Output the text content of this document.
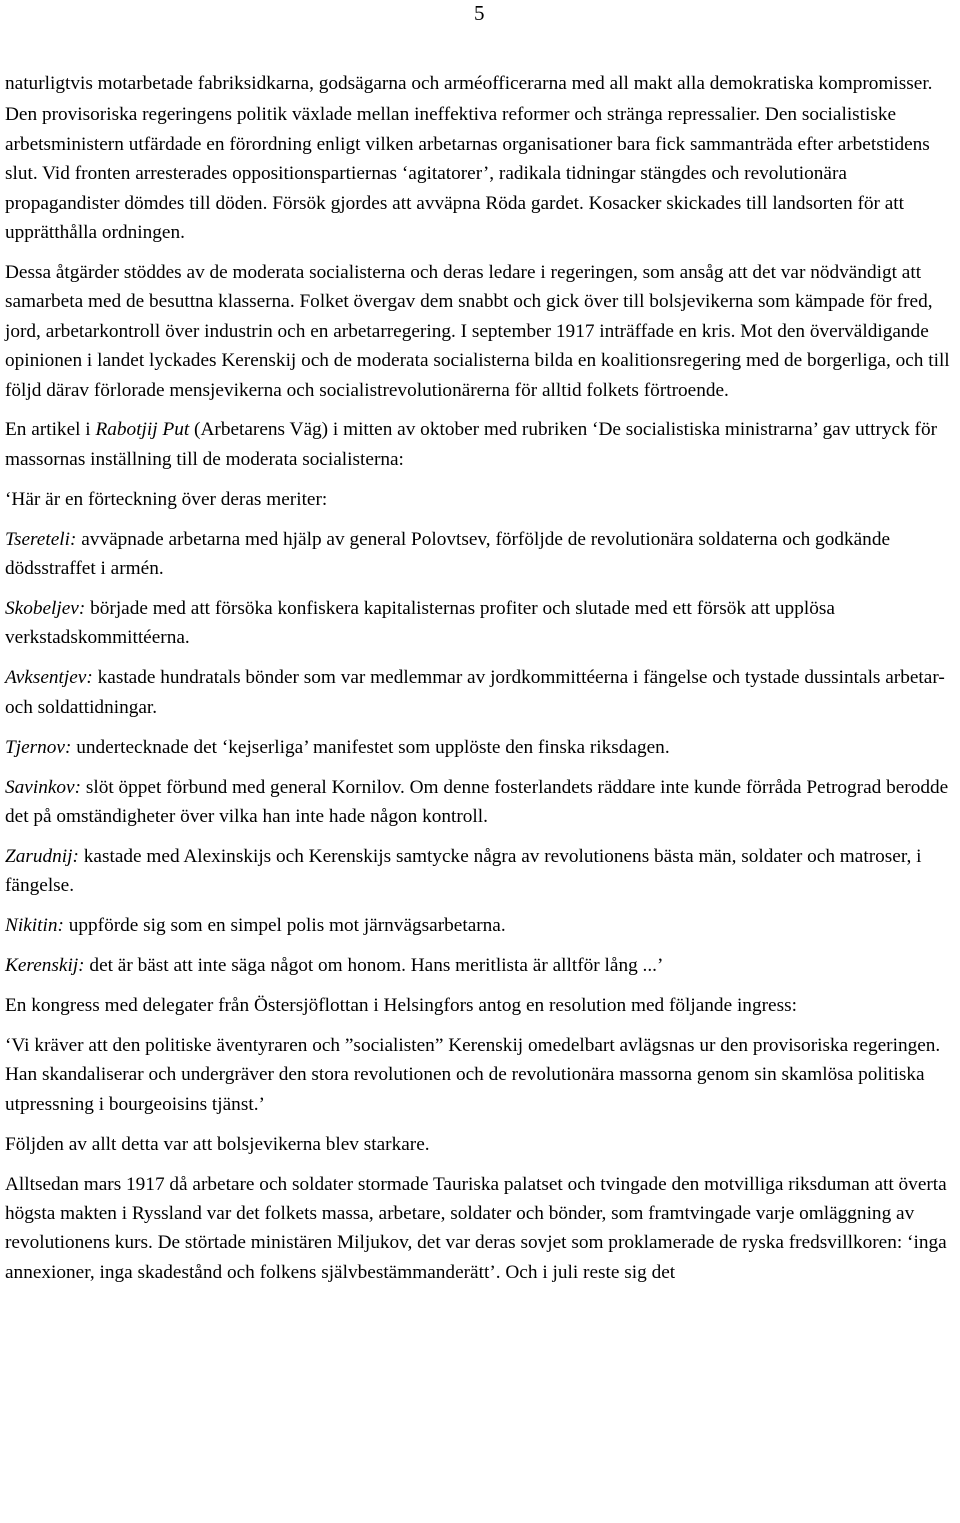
5

naturligtvis motarbetade fabriksidkarna, godsägarna och arméofficerarna med all makt alla demokratiska kompromisser.

Den provisoriska regeringens politik växlade mellan ineffektiva reformer och stränga repressalier. Den socialistiske arbetsministern utfärdade en förordning enligt vilken arbetarnas organisationer bara fick sammanträda efter arbetstidens slut. Vid fronten arresterades oppositionspartiernas ‘agitatorer’, radikala tidningar stängdes och revolutionära propagandister dömdes till döden. Försök gjordes att avväpna Röda gardet. Kosacker skickades till landsorten för att upprätthålla ordningen.

Dessa åtgärder stöddes av de moderata socialisterna och deras ledare i regeringen, som ansåg att det var nödvändigt att samarbeta med de besuttna klasserna. Folket övergav dem snabbt och gick över till bolsjevikerna som kämpade för fred, jord, arbetarkontroll över industrin och en arbetarregering. I september 1917 inträffade en kris. Mot den överväldigande opinionen i landet lyckades Kerenskij och de moderata socialisterna bilda en koalitionsregering med de borgerliga, och till följd därav förlorade mensjevikerna och socialistrevolutionärerna för alltid folkets förtroende.

En artikel i Rabotjij Put (Arbetarens Väg) i mitten av oktober med rubriken ‘De socialistiska ministrarna’ gav uttryck för massornas inställning till de moderata socialisterna:

‘Här är en förteckning över deras meriter:

Tsereteli: avväpnade arbetarna med hjälp av general Polovtsev, förföljde de revolutionära soldaterna och godkände dödsstraffet i armén.

Skobeljev: började med att försöka konfiskera kapitalisternas profiter och slutade med ett försök att upplösa verkstadskommittéerna.

Avksentjev: kastade hundratals bönder som var medlemmar av jordkommittéerna i fängelse och tystade dussintals arbetar- och soldattidningar.

Tjernov: undertecknade det ‘kejserliga’ manifestet som upplöste den finska riksdagen.

Savinkov: slöt öppet förbund med general Kornilov. Om denne fosterlandets räddare inte kunde förråda Petrograd berodde det på omständigheter över vilka han inte hade någon kontroll.

Zarudnij: kastade med Alexinskijs och Kerenskijs samtycke några av revolutionens bästa män, soldater och matroser, i fängelse.

Nikitin: uppförde sig som en simpel polis mot järnvägsarbetarna.

Kerenskij: det är bäst att inte säga något om honom. Hans meritlista är alltför lång ...’

En kongress med delegater från Östersjöflottan i Helsingfors antog en resolution med följande ingress:

‘Vi kräver att den politiske äventyraren och ”socialisten” Kerenskij omedelbart avlägsnas ur den provisoriska regeringen. Han skandaliserar och undergräver den stora revolutionen och de revolutionära massorna genom sin skamlösa politiska utpressning i bourgeoisins tjänst.’

Följden av allt detta var att bolsjevikerna blev starkare.

Alltsedan mars 1917 då arbetare och soldater stormade Tauriska palatset och tvingade den motvilliga riksduman att överta högsta makten i Ryssland var det folkets massa, arbetare, soldater och bönder, som framtvingade varje omläggning av revolutionens kurs. De störtade ministären Miljukov, det var deras sovjet som proklamerade de ryska fredsvillkoren: ‘inga annexioner, inga skadestånd och folkens självbestämmanderätt’. Och i juli reste sig det
